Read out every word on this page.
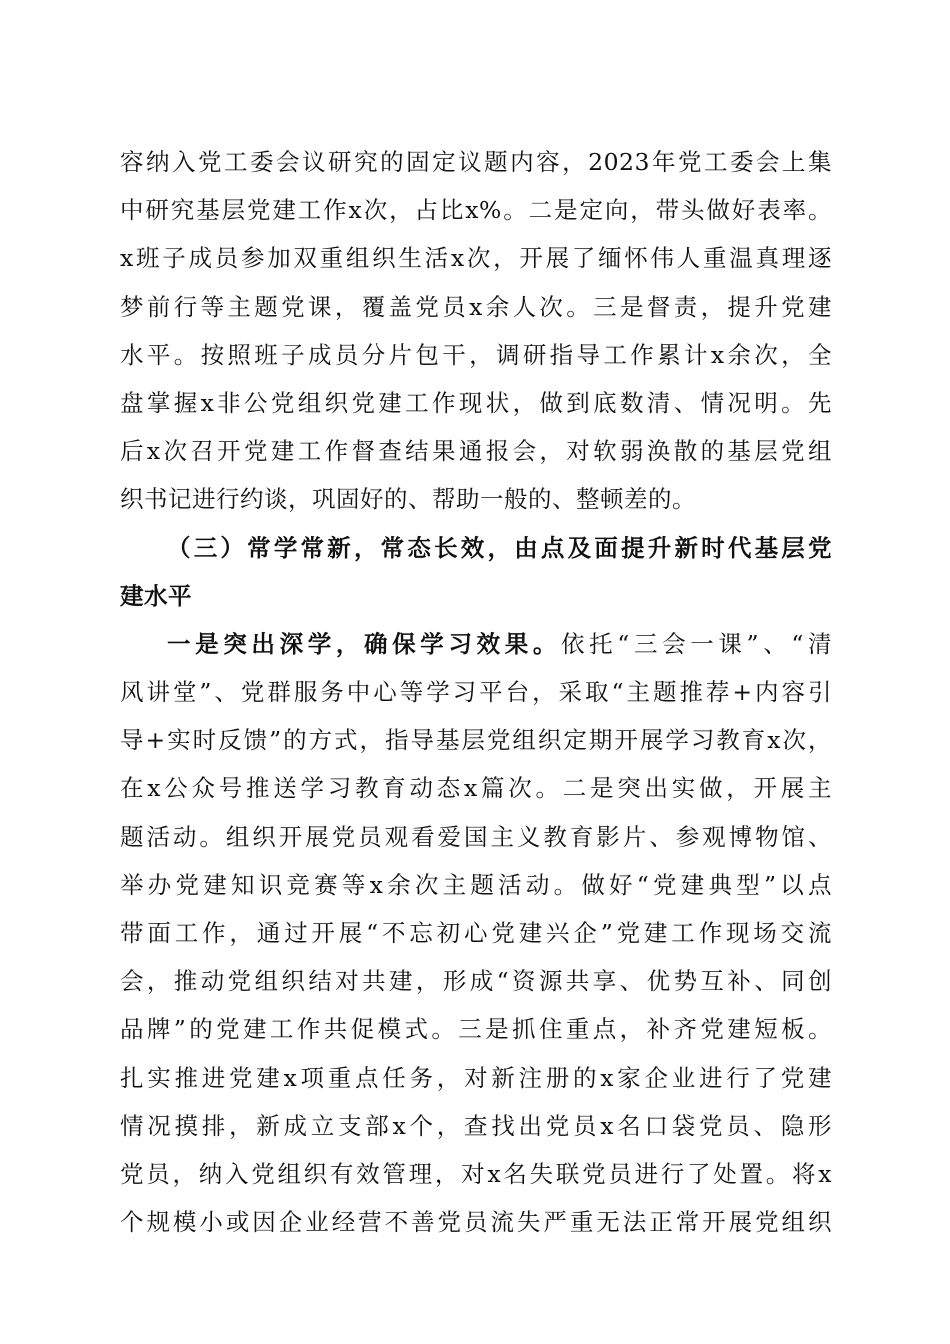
容纳入党工委会议研究的固定议题内容，2023年党工委会上集
中研究基层党建工作x次，占比x%。二是定向，带头做好表率。
x班子成员参加双重组织生活x次，开展了缅怀伟人重温真理逐
梦前行等主题党课，覆盖党员x余人次。三是督责，提升党建
水平。按照班子成员分片包干，调研指导工作累计x余次，全
盘掌握x非公党组织党建工作现状，做到底数清、情况明。先
后x次召开党建工作督查结果通报会，对软弱涣散的基层党组
织书记进行约谈，巩固好的、帮助一般的、整顿差的。
（三）常学常新，常态长效，由点及面提升新时代基层党
建水平
一是突出深学，确保学习效果。依托“三会一课”、“清
风讲堂”、党群服务中心等学习平台，采取“主题推荐+内容引
导+实时反馈”的方式，指导基层党组织定期开展学习教育x次，
在x公众号推送学习教育动态x篇次。二是突出实做，开展主
题活动。组织开展党员观看爱国主义教育影片、参观博物馆、
举办党建知识竞赛等x余次主题活动。做好“党建典型”以点
带面工作，通过开展“不忘初心党建兴企”党建工作现场交流
会，推动党组织结对共建，形成“资源共享、优势互补、同创
品牌”的党建工作共促模式。三是抓住重点，补齐党建短板。
扎实推进党建x项重点任务，对新注册的x家企业进行了党建
情况摸排，新成立支部x个，查找出党员x名口袋党员、隐形
党员，纳入党组织有效管理，对x名失联党员进行了处置。将x
个规模小或因企业经营不善党员流失严重无法正常开展党组织
